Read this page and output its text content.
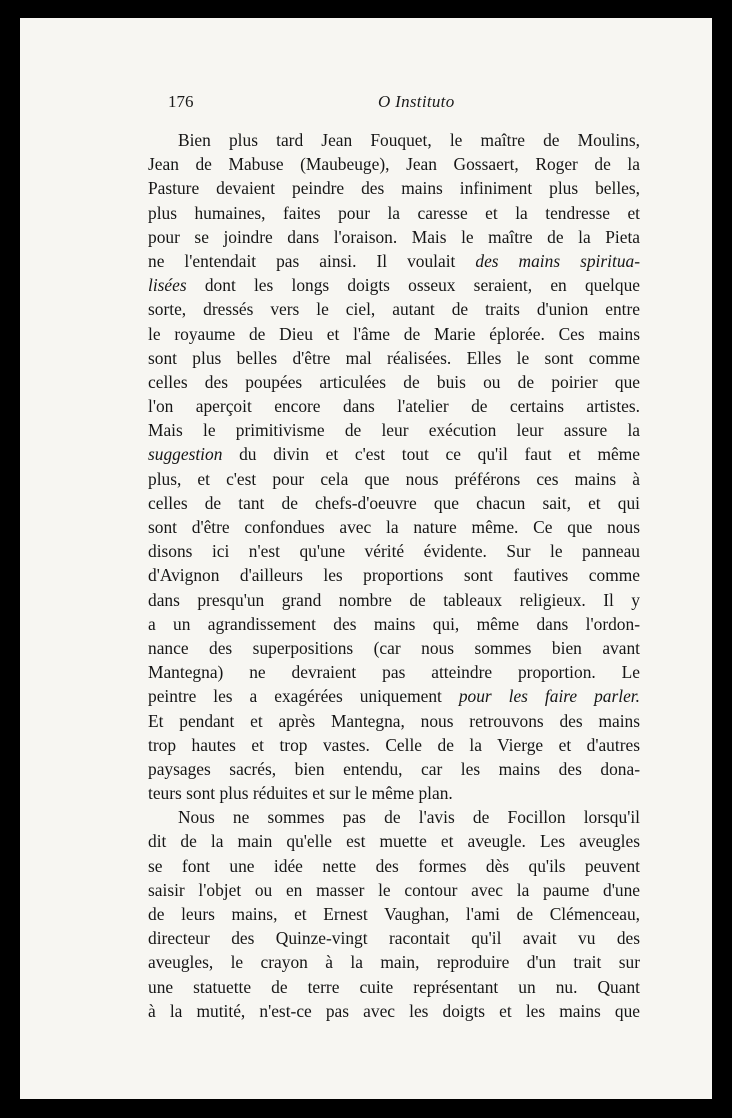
176	O Instituto
Bien plus tard Jean Fouquet, le maître de Moulins,
Jean de Mabuse (Maubeuge), Jean Gossaert, Roger de la
Pasture devaient peindre des mains infiniment plus belles,
plus humaines, faites pour la caresse et la tendresse et
pour se joindre dans l'oraison. Mais le maître de la Pieta
ne l'entendait pas ainsi. Il voulait des mains spiritua-
lisées dont les longs doigts osseux seraient, en quelque
sorte, dressés vers le ciel, autant de traits d'union entre
le royaume de Dieu et l'âme de Marie éplorée. Ces mains
sont plus belles d'être mal réalisées. Elles le sont comme
celles des poupées articulées de buis ou de poirier que
l'on aperçoit encore dans l'atelier de certains artistes.
Mais le primitivisme de leur exécution leur assure la
suggestion du divin et c'est tout ce qu'il faut et même
plus, et c'est pour cela que nous préférons ces mains à
celles de tant de chefs-d'oeuvre que chacun sait, et qui
sont d'être confondues avec la nature même. Ce que nous
disons ici n'est qu'une vérité évidente. Sur le panneau
d'Avignon d'ailleurs les proportions sont fautives comme
dans presqu'un grand nombre de tableaux religieux. Il y
a un agrandissement des mains qui, même dans l'ordon-
nance des superpositions (car nous sommes bien avant
Mantegna) ne devraient pas atteindre proportion. Le
peintre les a exagérées uniquement pour les faire parler.
Et pendant et après Mantegna, nous retrouvons des mains
trop hautes et trop vastes. Celle de la Vierge et d'autres
paysages sacrés, bien entendu, car les mains des dona-
teurs sont plus réduites et sur le même plan.
Nous ne sommes pas de l'avis de Focillon lorsqu'il
dit de la main qu'elle est muette et aveugle. Les aveugles
se font une idée nette des formes dès qu'ils peuvent
saisir l'objet ou en masser le contour avec la paume d'une
de leurs mains, et Ernest Vaughan, l'ami de Clémenceau,
directeur des Quinze-vingt racontait qu'il avait vu des
aveugles, le crayon à la main, reproduire d'un trait sur
une statuette de terre cuite représentant un nu. Quant
à la mutité, n'est-ce pas avec les doigts et les mains que
